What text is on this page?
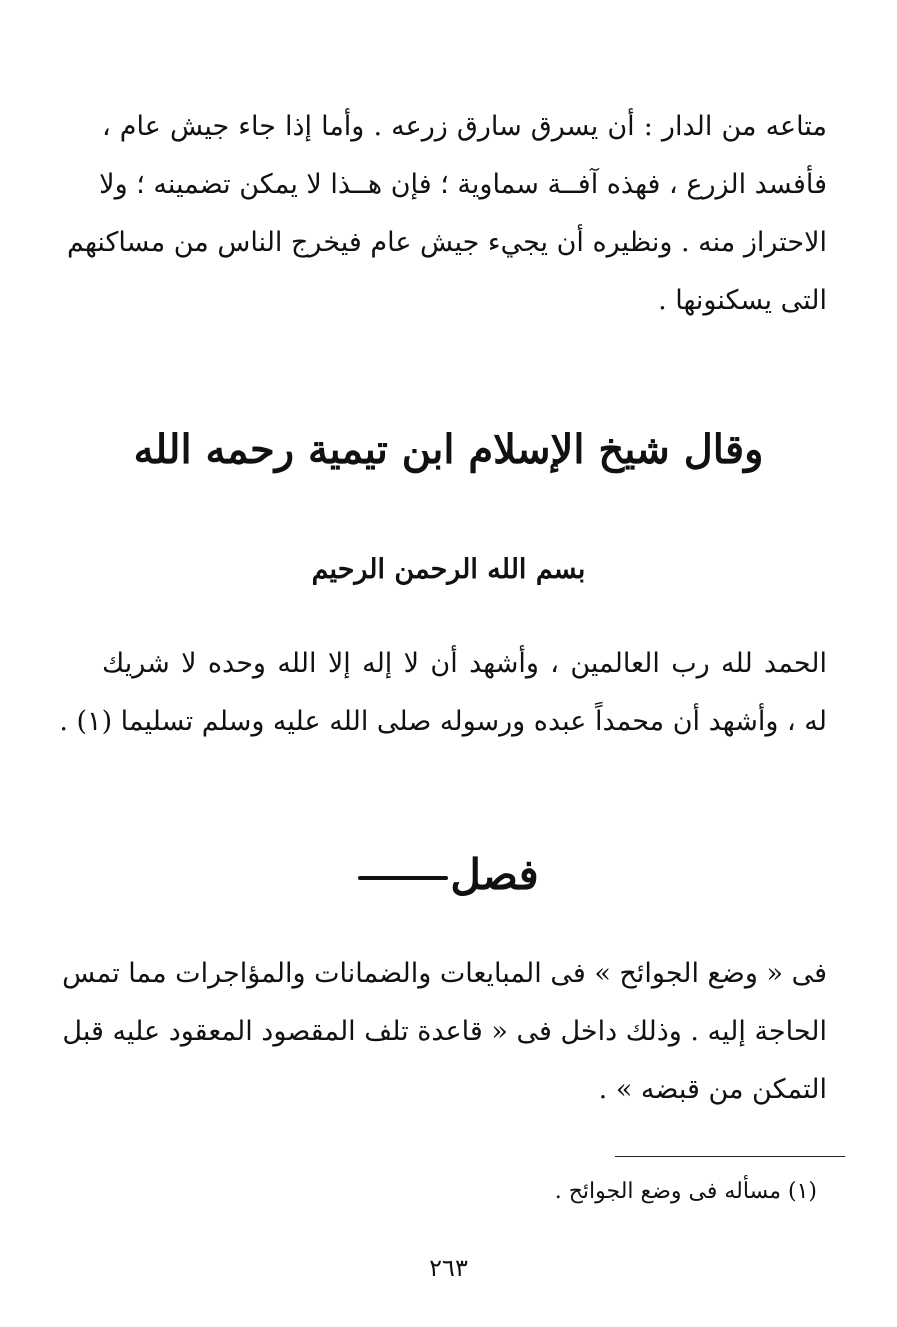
متاعه من الدار : أن يسرق سارق زرعه . وأما إذا جاء جيش عام ،
فأفسد الزرع ، فهذه آفــة سماوية ؛ فإن هــذا لا يمكن تضمينه ؛ ولا
الاحتراز منه . ونظيره أن يجيء جيش عام فيخرج الناس من مساكنهم
التى يسكنونها .
وقال شيخ الإسلام ابن تيمية رحمه الله
بسم الله الرحمن الرحيم
الحمد لله رب العالمين ، وأشهد أن لا إله إلا الله وحده لا شريك
له ، وأشهد أن محمداً عبده ورسوله صلى الله عليه وسلم تسليما (١) .
فصل
فى « وضع الجوائح » فى المبايعات والضمانات والمؤاجرات مما تمس
الحاجة إليه . وذلك داخل فى « قاعدة تلف المقصود المعقود عليه قبل
التمكن من قبضه » .
(١) مسأله فى وضع الجوائح .
٢٦٣
